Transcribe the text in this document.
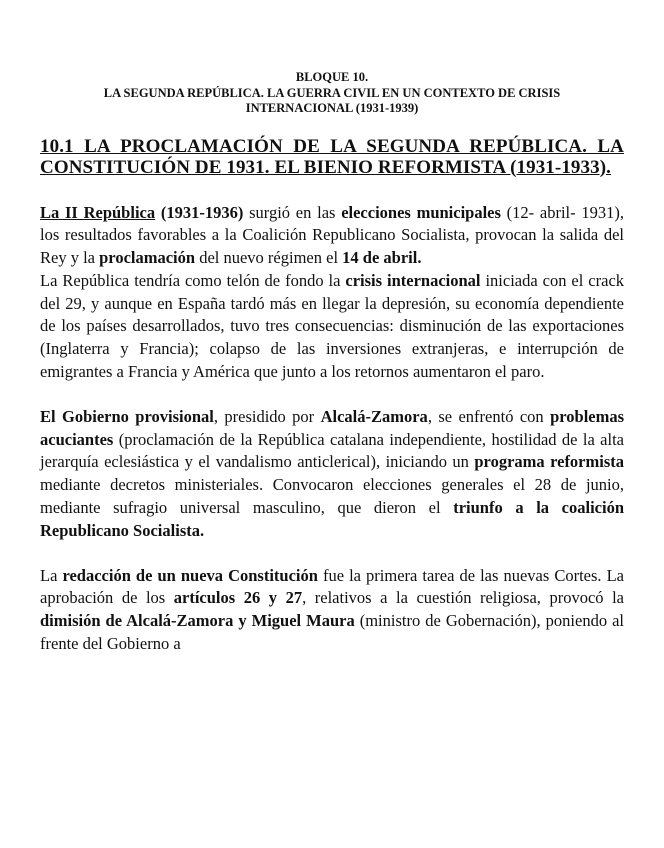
BLOQUE 10.

LA SEGUNDA REPÚBLICA. LA GUERRA CIVIL EN UN CONTEXTO DE CRISIS

INTERNACIONAL (1931-1939)

10.1 LA PROCLAMACIÓN DE LA SEGUNDA REPÚBLICA. LA CONSTITUCIÓN DE 1931. EL BIENIO REFORMISTA (1931-1933).

La II República (1931-1936) surgió en las elecciones municipales (12- abril- 1931), los resultados favorables a la Coalición Republicano Socialista, provocan la salida del Rey y la proclamación del nuevo régimen el 14 de abril.

La República tendría como telón de fondo la crisis internacional iniciada con el crack del 29, y aunque en España tardó más en llegar la depresión, su economía dependiente de los países desarrollados, tuvo tres consecuencias: disminución de las exportaciones (Inglaterra y Francia); colapso de las inversiones extranjeras, e interrupción de emigrantes a Francia y América que junto a los retornos aumentaron el paro.

El Gobierno provisional, presidido por Alcalá-Zamora, se enfrentó con problemas acuciantes (proclamación de la República catalana independiente, hostilidad de la alta jerarquía eclesiástica y el vandalismo anticlerical), iniciando un programa reformista mediante decretos ministeriales. Convocaron elecciones generales el 28 de junio, mediante sufragio universal masculino, que dieron el triunfo a la coalición Republicano Socialista.

La redacción de un nueva Constitución fue la primera tarea de las nuevas Cortes. La aprobación de los artículos 26 y 27, relativos a la cuestión religiosa, provocó la dimisión de Alcalá-Zamora y Miguel Maura (ministro de Gobernación), poniendo al frente del Gobierno a
